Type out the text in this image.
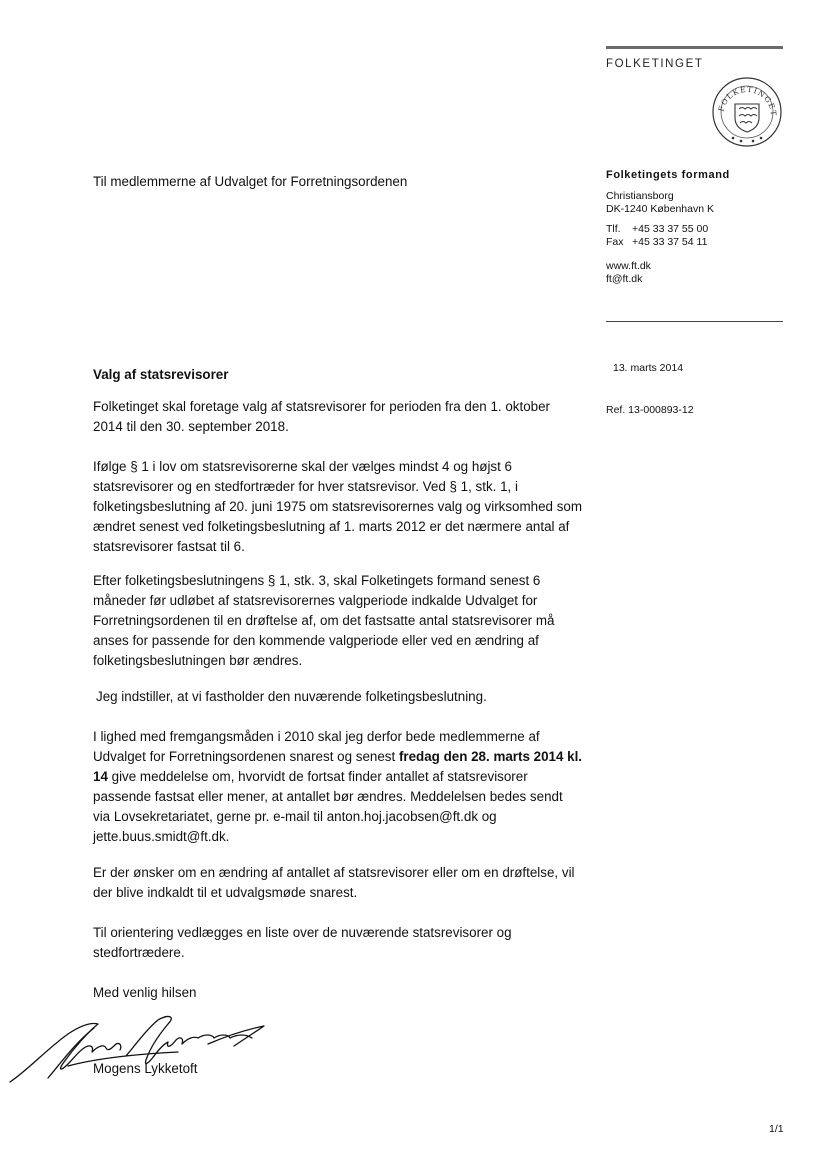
FOLKETINGET
FOLKETINGET
Til medlemmerne af Udvalget for Forretningsordenen	Folketingets formand
Christiansborg
DK-1240 København K
Tlf. +45 33 37 55 00
Fax +45 33 37 54 11
www.ft.dk
ft@ft.dk
13. marts 2014
Ref. 13-000893-12
Valg af statsrevisorer

Folketinget skal foretage valg af statsrevisorer for perioden fra den 1. oktober 2014 til den 30. september 2018.

Ifølge § 1 i lov om statsrevisorerne skal der vælges mindst 4 og højst 6 statsrevisorer og en stedfortræder for hver statsrevisor. Ved § 1, stk. 1, i folketingsbeslutning af 20. juni 1975 om statsrevisorernes valg og virksomhed som ændret senest ved folketingsbeslutning af 1. marts 2012 er det nærmere antal af statsrevisorer fastsat til 6.

Efter folketingsbeslutningens § 1, stk. 3, skal Folketingets formand senest 6 måneder før udløbet af statsrevisorernes valgperiode indkalde Udvalget for Forretningsordenen til en drøftelse af, om det fastsatte antal statsrevisorer må anses for passende for den kommende valgperiode eller ved en ændring af folketingsbeslutningen bør ændres.

Jeg indstiller, at vi fastholder den nuværende folketingsbeslutning.

I lighed med fremgangsmåden i 2010 skal jeg derfor bede medlemmerne af Udvalget for Forretningsordenen snarest og senest fredag den 28. marts 2014 kl. 14 give meddelelse om, hvorvidt de fortsat finder antallet af statsrevisorer passende fastsat eller mener, at antallet bør ændres. Meddelelsen bedes sendt via Lovsekretariatet, gerne pr. e-mail til anton.hoj.jacobsen@ft.dk og jette.buus.smidt@ft.dk.

Er der ønsker om en ændring af antallet af statsrevisorer eller om en drøftelse, vil der blive indkaldt til et udvalgsmøde snarest.

Til orientering vedlægges en liste over de nuværende statsrevisorer og stedfortrædere.

Med venlig hilsen

Mogens Lykketoft
1/1
